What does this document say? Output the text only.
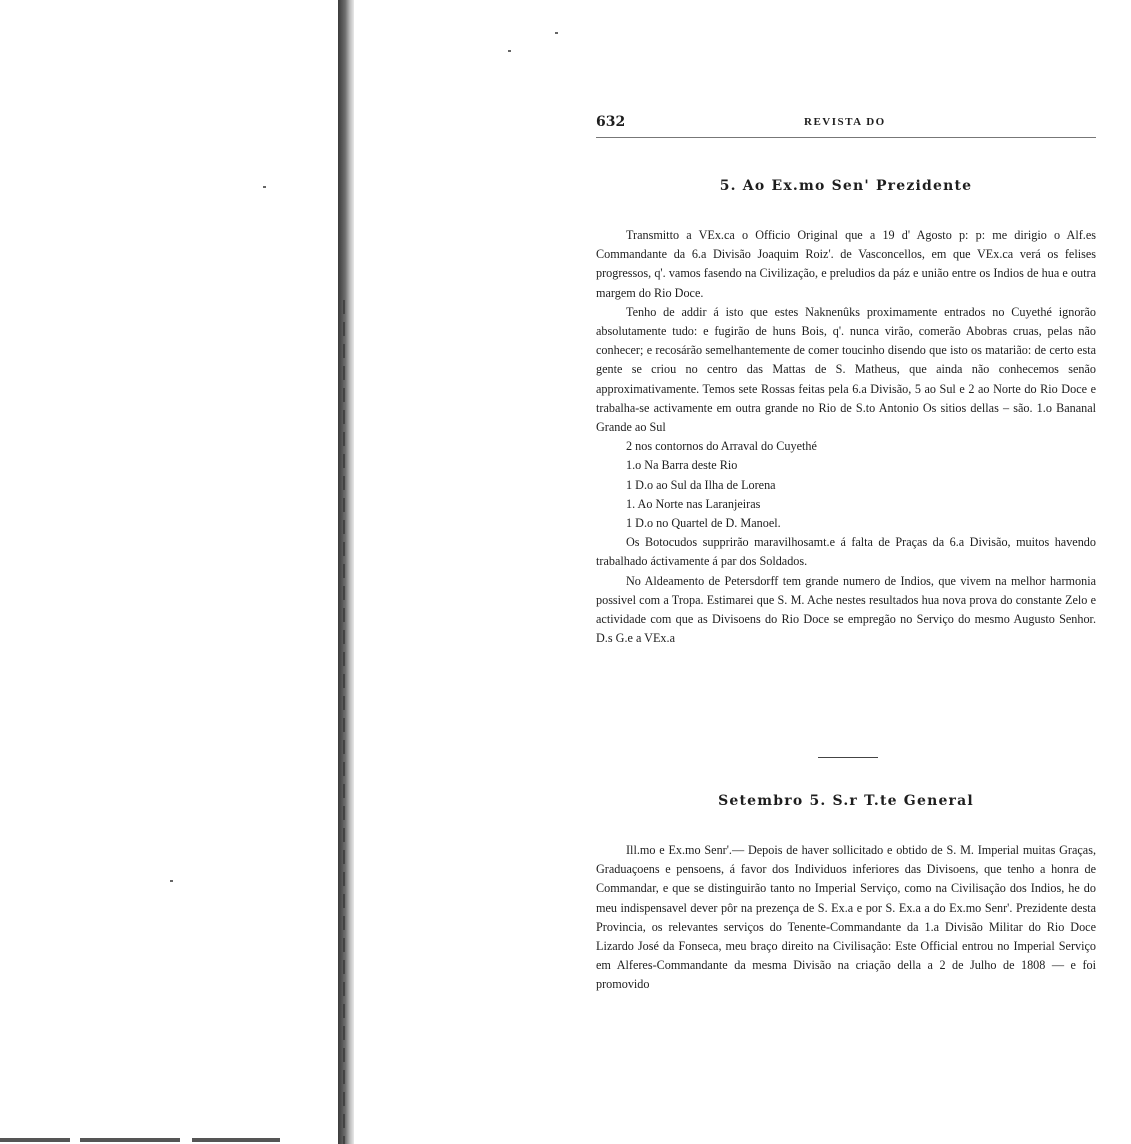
632	REVISTA DO
5. Ao Ex.mo Sen' Prezidente

Transmitto a VEx.ca o Officio Original que a 19 d' Agosto p: p: me dirigio o Alf.es Commandante da 6.a Divisão Joaquim Roiz'. de Vasconcellos, em que VEx.ca verá os felises progressos, q'. vamos fasendo na Civilização, e preludios da páz e união entre os Indios de hua e outra margem do Rio Doce.

Tenho de addir á isto que estes Naknenûks proximamente entrados no Cuyethé ignorão absolutamente tudo: e fugirão de huns Bois, q'. nunca virão, comerão Abobras cruas, pelas não conhecer; e recosárão semelhantemente de comer toucinho disendo que isto os matarião: de certo esta gente se criou no centro das Mattas de S. Matheus, que ainda não conhecemos senão approximativamente. Temos sete Rossas feitas pela 6.a Divisão, 5 ao Sul e 2 ao Norte do Rio Doce e trabalha-se activamente em outra grande no Rio de S.to Antonio Os sitios dellas – são. 1.o Bananal Grande ao Sul

2 nos contornos do Arraval do Cuyethé

1.o Na Barra deste Rio

1 D.o ao Sul da Ilha de Lorena

1. Ao Norte nas Laranjeiras

1 D.o no Quartel de D. Manoel.

Os Botocudos supprirão maravilhosamt.e á falta de Praças da 6.a Divisão, muitos havendo trabalhado áctivamente á par dos Soldados.

No Aldeamento de Petersdorff tem grande numero de Indios, que vivem na melhor harmonia possivel com a Tropa. Estimarei que S. M. Ache nestes resultados hua nova prova do constante Zelo e actividade com que as Divisoens do Rio Doce se empregão no Serviço do mesmo Augusto Senhor. D.s G.e a VEx.a

Setembro 5. S.r T.te General

Ill.mo e Ex.mo Senr'.— Depois de haver sollicitado e obtido de S. M. Imperial muitas Graças, Graduaçoens e pensoens, á favor dos Individuos inferiores das Divisoens, que tenho a honra de Commandar, e que se distinguirão tanto no Imperial Serviço, como na Civilisação dos Indios, he do meu indispensavel dever pôr na prezença de S. Ex.a e por S. Ex.a a do Ex.mo Senr'. Prezidente desta Provincia, os relevantes serviços do Tenente-Commandante da 1.a Divisão Militar do Rio Doce Lizardo José da Fonseca, meu braço direito na Civilisação: Este Official entrou no Imperial Serviço em Alferes-Commandante da mesma Divisão na criação della a 2 de Julho de 1808 — e foi promovido
